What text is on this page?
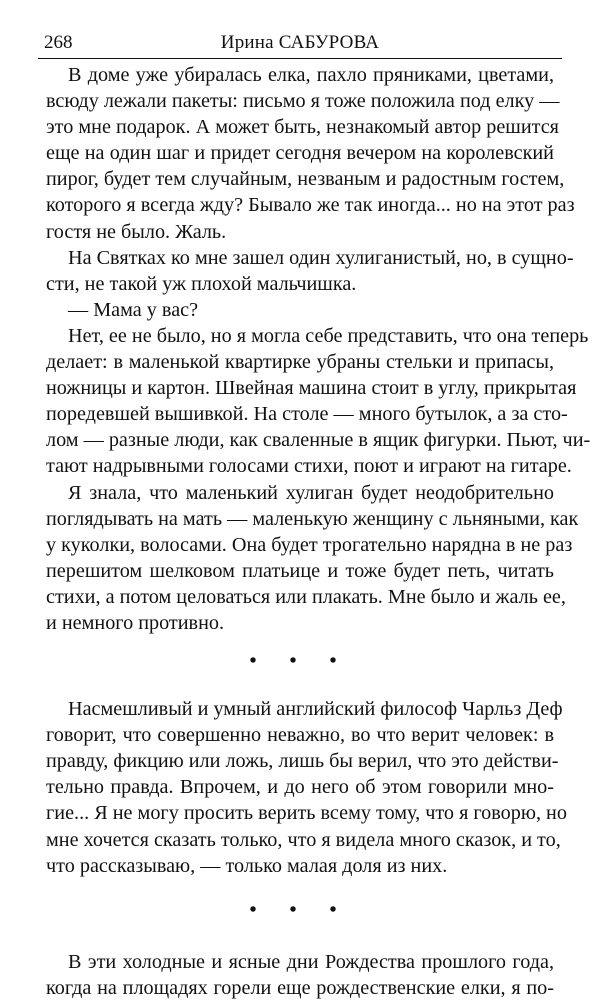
268	Ирина САБУРОВА
В доме уже убиралась елка, пахло пряниками, цветами,
всюду лежали пакеты: письмо я тоже положила под елку —
это мне подарок. А может быть, незнакомый автор решится
еще на один шаг и придет сегодня вечером на королевский
пирог, будет тем случайным, незваным и радостным гостем,
которого я всегда жду? Бывало же так иногда... но на этот раз
гостя не было. Жаль.
На Святках ко мне зашел один хулиганистый, но, в сущно-
сти, не такой уж плохой мальчишка.
— Мама у вас?
Нет, ее не было, но я могла себе представить, что она теперь
делает: в маленькой квартирке убраны стельки и припасы,
ножницы и картон. Швейная машина стоит в углу, прикрытая
поредевшей вышивкой. На столе — много бутылок, а за сто-
лом — разные люди, как сваленные в ящик фигурки. Пьют, чи-
тают надрывными голосами стихи, поют и играют на гитаре.
Я знала, что маленький хулиган будет неодобрительно
поглядывать на мать — маленькую женщину с льняными, как
у куколки, волосами. Она будет трогательно нарядна в не раз
перешитом шелковом платьице и тоже будет петь, читать
стихи, а потом целоваться или плакать. Мне было и жаль ее,
и немного противно.
• • •
Насмешливый и умный английский философ Чарльз Деф
говорит, что совершенно неважно, во что верит человек: в
правду, фикцию или ложь, лишь бы верил, что это действи-
тельно правда. Впрочем, и до него об этом говорили мно-
гие... Я не могу просить верить всему тому, что я говорю, но
мне хочется сказать только, что я видела много сказок, и то,
что рассказываю, — только малая доля из них.
• • •
В эти холодные и ясные дни Рождества прошлого года,
когда на площадях горели еще рождественские елки, я по-
